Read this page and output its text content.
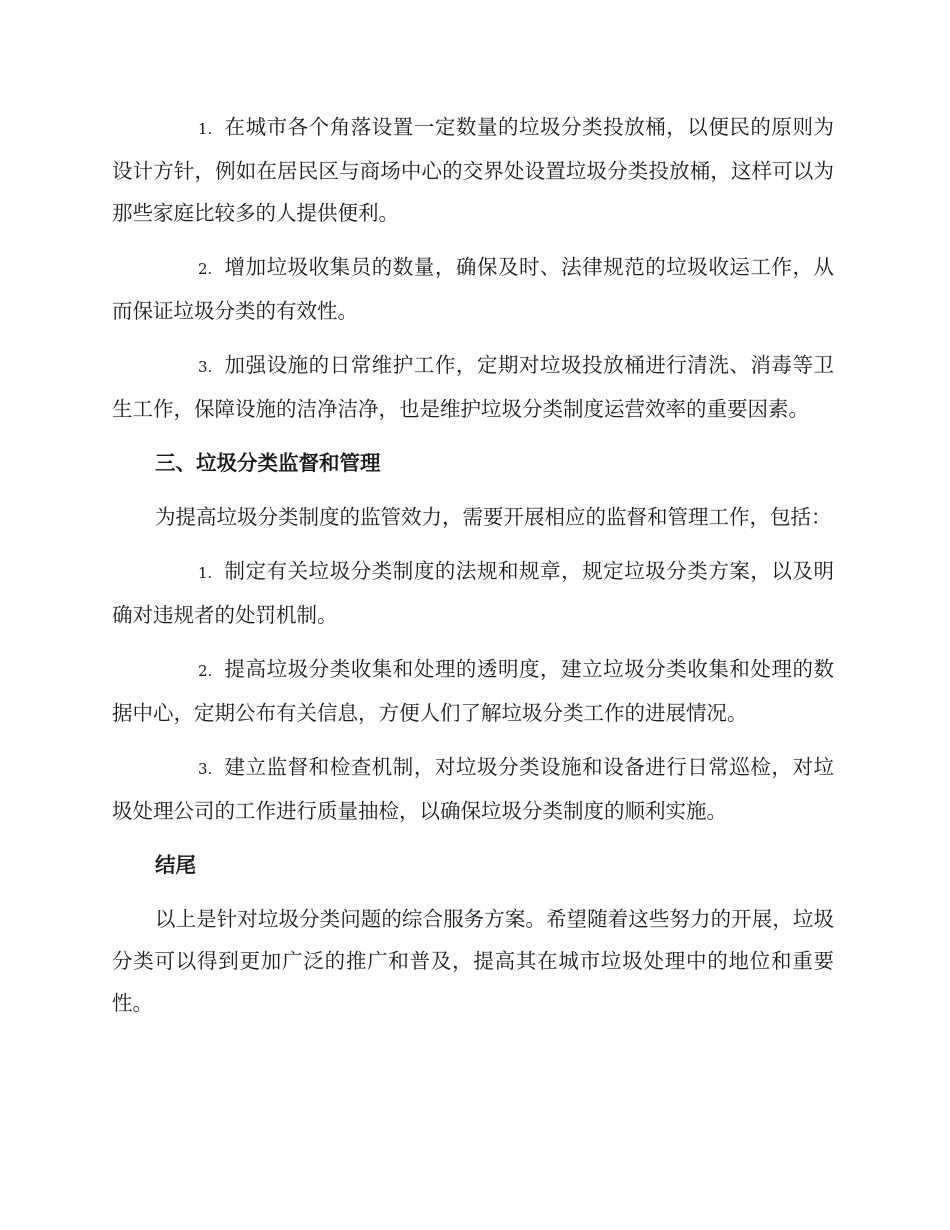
1. 在城市各个角落设置一定数量的垃圾分类投放桶，以便民的原则为设计方针，例如在居民区与商场中心的交界处设置垃圾分类投放桶，这样可以为那些家庭比较多的人提供便利。

2. 增加垃圾收集员的数量，确保及时、法律规范的垃圾收运工作，从而保证垃圾分类的有效性。

3. 加强设施的日常维护工作，定期对垃圾投放桶进行清洗、消毒等卫生工作，保障设施的洁净洁净，也是维护垃圾分类制度运营效率的重要因素。

三、垃圾分类监督和管理

为提高垃圾分类制度的监管效力，需要开展相应的监督和管理工作，包括：

1. 制定有关垃圾分类制度的法规和规章，规定垃圾分类方案，以及明确对违规者的处罚机制。

2. 提高垃圾分类收集和处理的透明度，建立垃圾分类收集和处理的数据中心，定期公布有关信息，方便人们了解垃圾分类工作的进展情况。

3. 建立监督和检查机制，对垃圾分类设施和设备进行日常巡检，对垃圾处理公司的工作进行质量抽检，以确保垃圾分类制度的顺利实施。

结尾

以上是针对垃圾分类问题的综合服务方案。希望随着这些努力的开展，垃圾分类可以得到更加广泛的推广和普及，提高其在城市垃圾处理中的地位和重要性。
